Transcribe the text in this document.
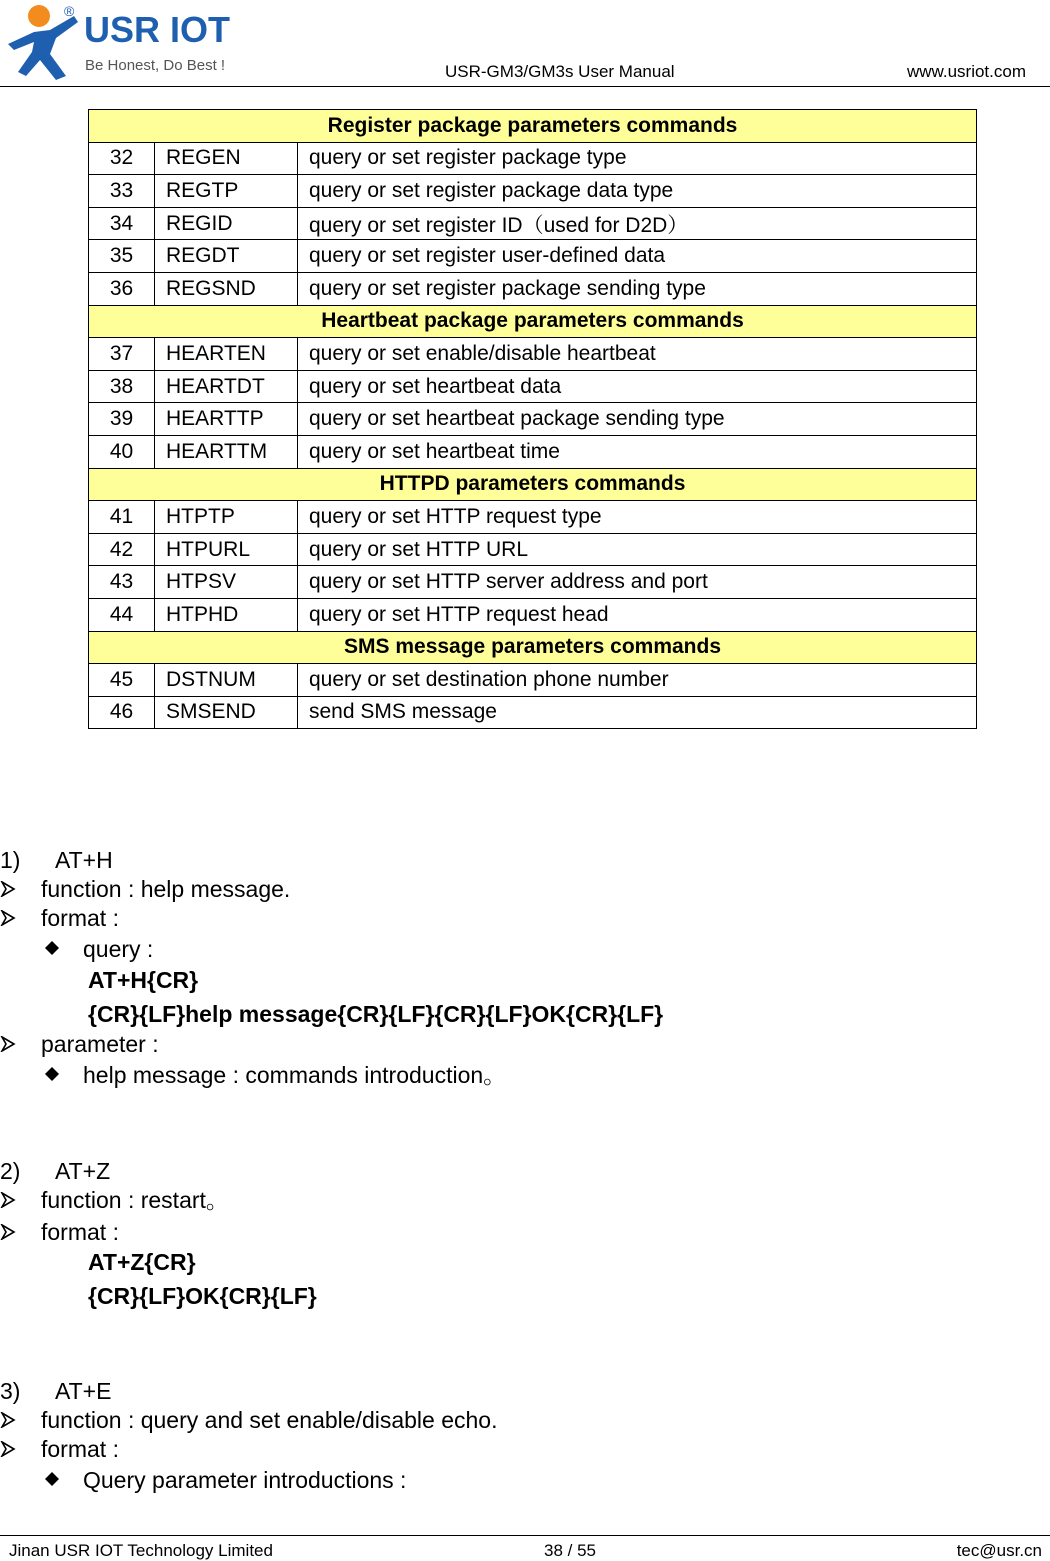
USR IOT
®
Be Honest, Do Best !	USR-GM3/GM3s User Manual	www.usriot.com
Register package parameters commands		
32	REGEN	query or set register package type
33	REGTP	query or set register package data type
34	REGID	query or set register ID（used for D2D）
35	REGDT	query or set register user-defined data
36	REGSND	query or set register package sending type
Heartbeat package parameters commands		
37	HEARTEN	query or set enable/disable heartbeat
38	HEARTDT	query or set heartbeat data
39	HEARTTP	query or set heartbeat package sending type
40	HEARTTM	query or set heartbeat time
HTTPD parameters commands		
41	HTPTP	query or set HTTP request type
42	HTPURL	query or set HTTP URL
43	HTPSV	query or set HTTP server address and port
44	HTPHD	query or set HTTP request head
SMS message parameters commands		
45	DSTNUM	query or set destination phone number
46	SMSEND	send SMS message
1) AT+H
function : help message.
format :
query :
AT+H{CR}
{CR}{LF}help message{CR}{LF}{CR}{LF}OK{CR}{LF}
parameter :
help message : commands introduction。
2) AT+Z
function : restart。
format :
AT+Z{CR}
{CR}{LF}OK{CR}{LF}
3) AT+E
function : query and set enable/disable echo.
format :
Query parameter introductions :
Jinan USR IOT Technology Limited	38 / 55	tec@usr.cn
